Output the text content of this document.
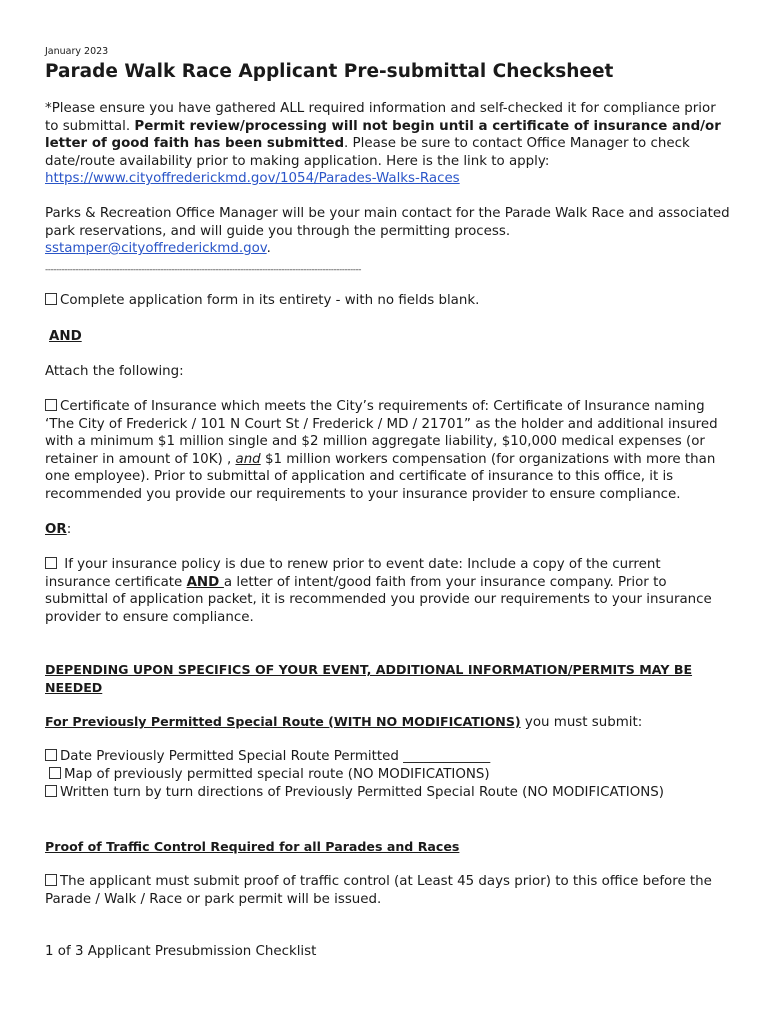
January 2023

Parade Walk Race Applicant Pre-submittal Checksheet

*Please ensure you have gathered ALL required information and self-checked it for compliance prior to submittal. Permit review/processing will not begin until a certificate of insurance and/or letter of good faith has been submitted. Please be sure to contact Office Manager to check date/route availability prior to making application. Here is the link to apply:
https://www.cityoffrederickmd.gov/1054/Parades-Walks-Races

Parks & Recreation Office Manager will be your main contact for the Parade Walk Race and associated park reservations, and will guide you through the permitting process.
sstamper@cityoffrederickmd.gov.

-------------------------------------------------------------------------------------------------------------------

Complete application form in its entirety - with no fields blank.

AND

Attach the following:

Certificate of Insurance which meets the City’s requirements of: Certificate of Insurance naming ‘The City of Frederick / 101 N Court St / Frederick / MD / 21701” as the holder and additional insured with a minimum $1 million single and $2 million aggregate liability, $10,000 medical expenses (or retainer in amount of 10K) , and $1 million workers compensation (for organizations with more than one employee). Prior to submittal of application and certificate of insurance to this office, it is recommended you provide our requirements to your insurance provider to ensure compliance.

OR:

If your insurance policy is due to renew prior to event date: Include a copy of the current insurance certificate AND a letter of intent/good faith from your insurance company. Prior to submittal of application packet, it is recommended you provide our requirements to your insurance provider to ensure compliance.

DEPENDING UPON SPECIFICS OF YOUR EVENT, ADDITIONAL INFORMATION/PERMITS MAY BE NEEDED

For Previously Permitted Special Route (WITH NO MODIFICATIONS) you must submit:

Date Previously Permitted Special Route Permitted _____________

Map of previously permitted special route (NO MODIFICATIONS)

Written turn by turn directions of Previously Permitted Special Route (NO MODIFICATIONS)

Proof of Traffic Control Required for all Parades and Races

The applicant must submit proof of traffic control (at Least 45 days prior) to this office before the Parade / Walk / Race or park permit will be issued.

1 of 3 Applicant Presubmission Checklist
